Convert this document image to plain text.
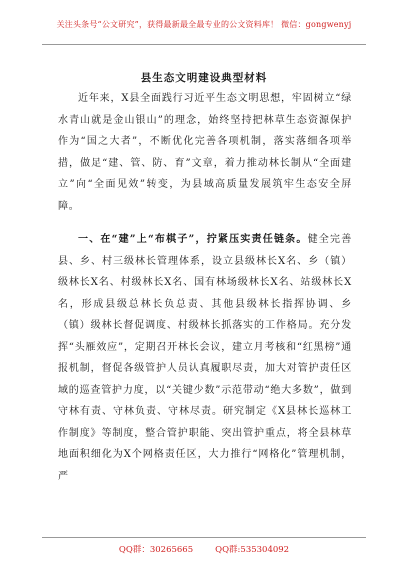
关注头条号“公文研究”，获得最新最全最专业的公文资料库！ 微信：gongwenyj
县生态文明建设典型材料

近年来，X县全面践行习近平生态文明思想，牢固树立“绿水青山就是金山银山”的理念，始终坚持把林草生态资源保护作为“国之大者”，不断优化完善各项机制，落实落细各项举措，做足“建、管、防、育”文章，着力推动林长制从“全面建立”向“全面见效”转变，为县域高质量发展筑牢生态安全屏障。

一、在“建”上“布棋子”，拧紧压实责任链条。健全完善县、乡、村三级林长管理体系，设立县级林长X名、乡（镇）级林长X名、村级林长X名、国有林场级林长X名、站级林长X名，形成县级总林长负总责、其他县级林长指挥协调、乡（镇）级林长督促调度、村级林长抓落实的工作格局。充分发挥“头雁效应”，定期召开林长会议，建立月考核和“红黑榜”通报机制，督促各级管护人员认真履职尽责，加大对管护责任区域的巡查管护力度，以“关键少数”示范带动“绝大多数”，做到守林有责、守林负责、守林尽责。研究制定《X县林长巡林工作制度》等制度，整合管护职能、突出管护重点，将全县林草地面积细化为X个网格责任区，大力推行“网格化”管理机制，严

QQ群：30265665	QQ群:535304092
